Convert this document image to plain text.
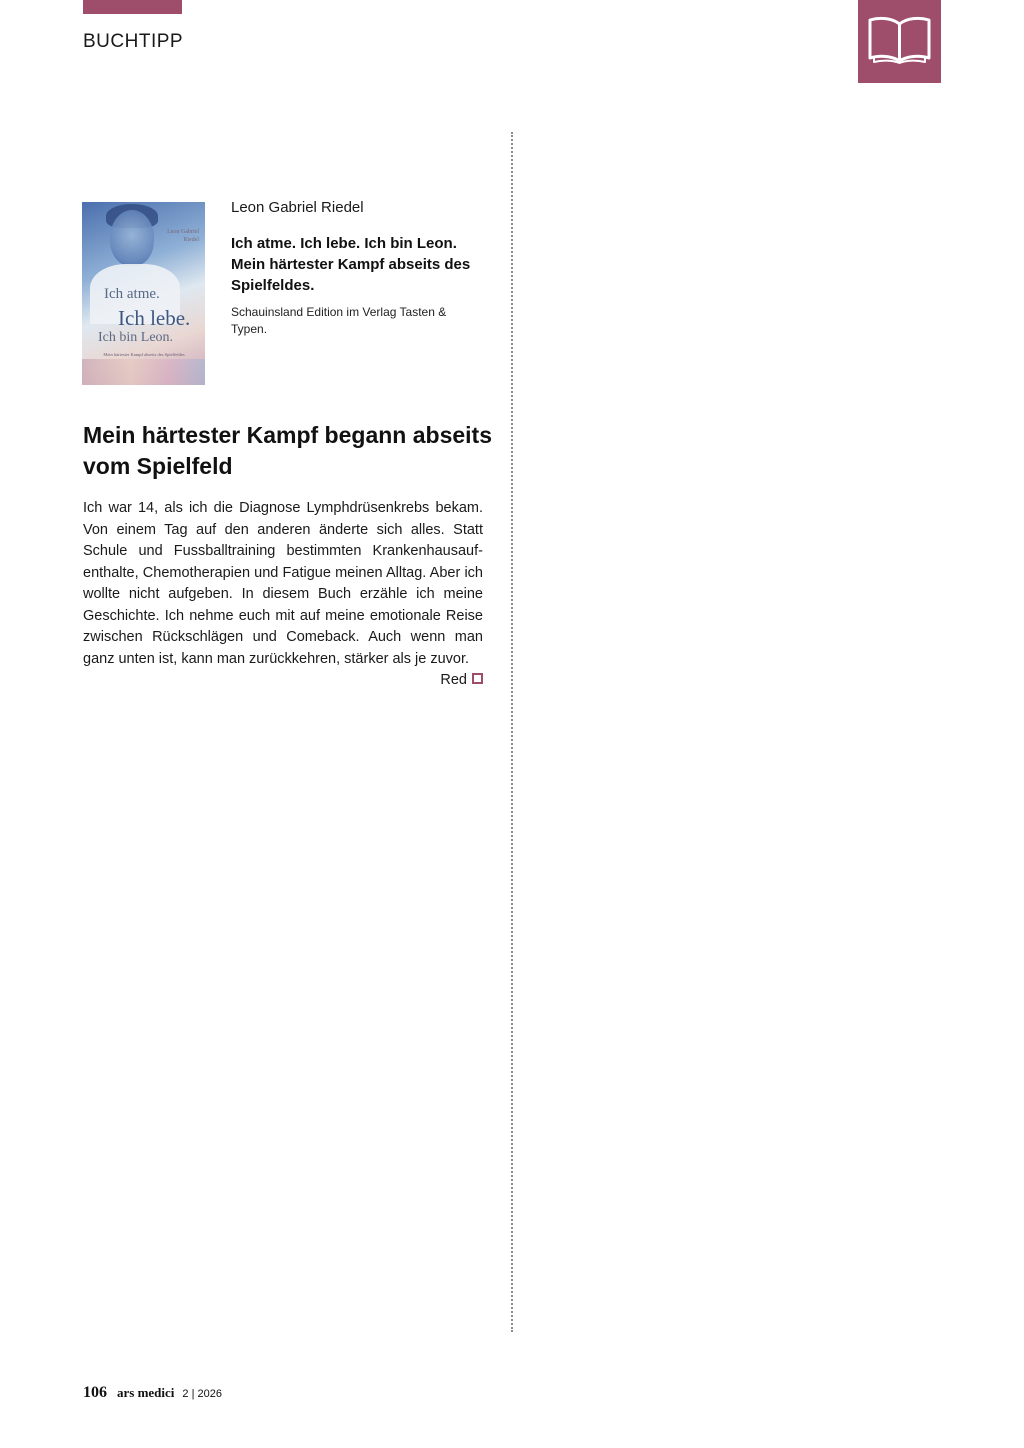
BUCHTIPP
Leon Gabriel Riedel
Ich atme.
Ich lebe.
Ich bin Leon.
Mein härtester Kampf abseits des Spielfeldes
Leon Gabriel Riedel
Ich atme. Ich lebe. Ich bin Leon. Mein härtester Kampf abseits des Spielfeldes.
Schauinsland Edition im Verlag Tasten & Typen.
Mein härtester Kampf begann abseits vom Spielfeld
Ich war 14, als ich die Diagnose Lymphdrüsenkrebs bekam. Von einem Tag auf den anderen änderte sich alles. Statt Schule und Fussballtraining bestimmten Krankenhausaufenthalte, Chemotherapien und Fatigue meinen Alltag. Aber ich wollte nicht aufgeben. In diesem Buch erzähle ich meine Geschichte. Ich nehme euch mit auf meine emotionale Reise zwischen Rückschlägen und Comeback. Auch wenn man ganz unten ist, kann man zurückkehren, stärker als je zuvor.
Red
106 ars medici 2 | 2026
